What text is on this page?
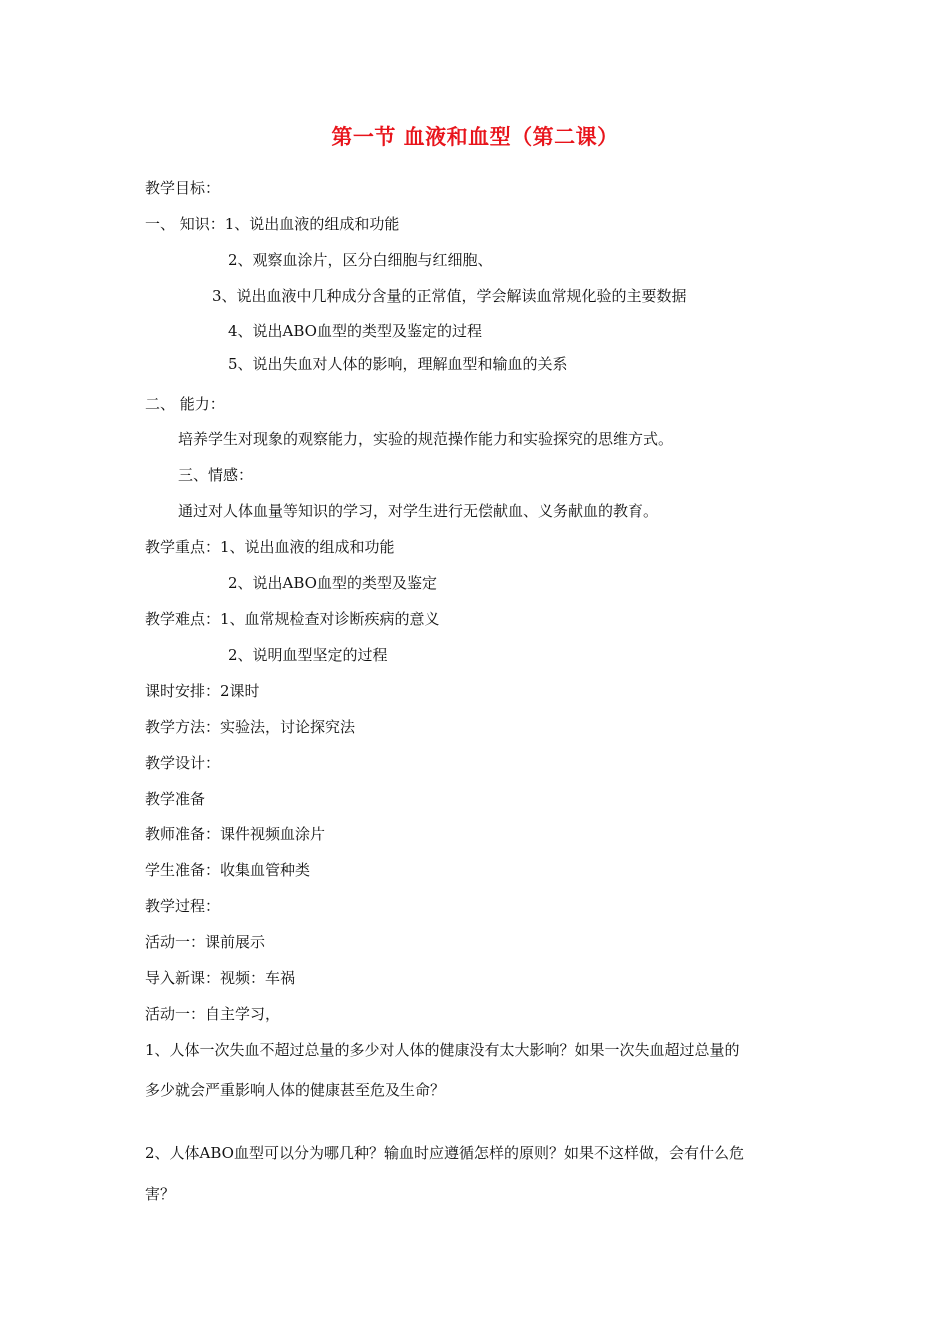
第一节 血液和血型（第二课）
教学目标：
一、 知识：1、说出血液的组成和功能
2、观察血涂片，区分白细胞与红细胞、
3、说出血液中几种成分含量的正常值，学会解读血常规化验的主要数据
4、说出ABO血型的类型及鉴定的过程
5、说出失血对人体的影响，理解血型和输血的关系
二、 能力：
培养学生对现象的观察能力，实验的规范操作能力和实验探究的思维方式。
三、情感：
通过对人体血量等知识的学习，对学生进行无偿献血、义务献血的教育。
教学重点：1、说出血液的组成和功能
2、说出ABO血型的类型及鉴定
教学难点：1、血常规检查对诊断疾病的意义
2、说明血型坚定的过程
课时安排：2课时
教学方法：实验法，讨论探究法
教学设计：
教学准备
教师准备：课件视频血涂片
学生准备：收集血管种类
教学过程：
活动一：课前展示
导入新课：视频：车祸
活动一：自主学习，
1、人体一次失血不超过总量的多少对人体的健康没有太大影响？如果一次失血超过总量的
多少就会严重影响人体的健康甚至危及生命？
2、人体ABO血型可以分为哪几种？输血时应遵循怎样的原则？如果不这样做，会有什么危
害？
